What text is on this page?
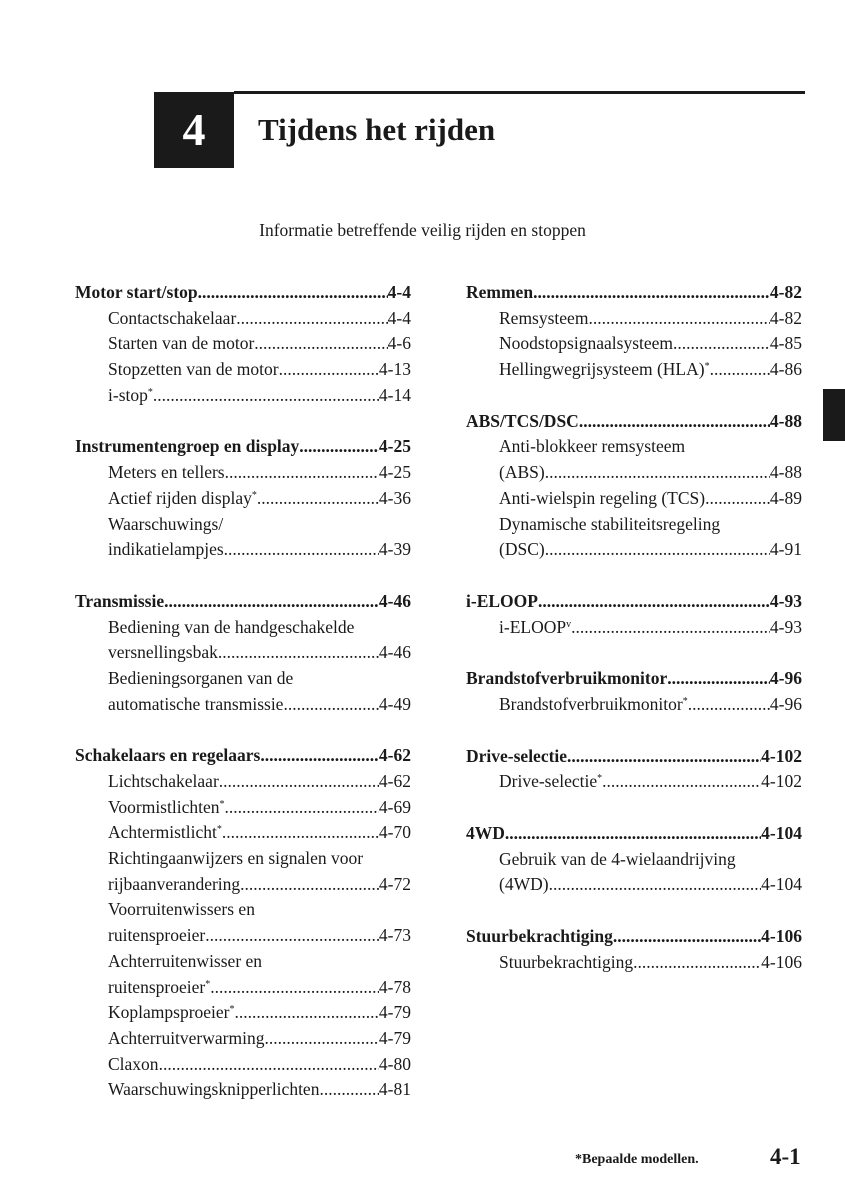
4	Tijdens het rijden
Informatie betreffende veilig rijden en stoppen
Motor start/stop .....	4-4
Contactschakelaar .....	4-4
Starten van de motor .....	4-6
Stopzetten van de motor .....	4-13
i-stop* .....	4-14
Instrumentengroep en display .....	4-25
Meters en tellers .....	4-25
Actief rijden display* .....	4-36
Waarschuwings/
indikatielampjes .....	4-39
Transmissie .....	4-46
Bediening van de handgeschakelde
versnellingsbak .....	4-46
Bedieningsorganen van de
automatische transmissie .....	4-49
Schakelaars en regelaars .....	4-62
Lichtschakelaar .....	4-62
Voormistlichten* .....	4-69
Achtermistlicht* .....	4-70
Richtingaanwijzers en signalen voor
rijbaanverandering .....	4-72
Voorruitenwissers en
ruitensproeier .....	4-73
Achterruitenwisser en
ruitensproeier* .....	4-78
Koplampsproeier* .....	4-79
Achterruitverwarming .....	4-79
Claxon .....	4-80
Waarschuwingsknipperlichten .....	4-81
Remmen .....	4-82
Remsysteem .....	4-82
Noodstopsignaalsysteem .....	4-85
Hellingwegrijsysteem (HLA)* .....	4-86
ABS/TCS/DSC .....	4-88
Anti-blokkeer remsysteem
(ABS) .....	4-88
Anti-wielspin regeling (TCS) .....	4-89
Dynamische stabiliteitsregeling
(DSC) .....	4-91
i-ELOOP .....	4-93
i-ELOOP$^v$ .....	4-93
Brandstofverbruikmonitor .....	4-96
Brandstofverbruikmonitor* .....	4-96
Drive-selectie .....	4-102
Drive-selectie* .....	4-102
4WD .....	4-104
Gebruik van de 4-wielaandrijving
(4WD) .....	4-104
Stuurbekrachtiging .....	4-106
Stuurbekrachtiging .....	4-106
*Bepaalde modellen.	4-1
